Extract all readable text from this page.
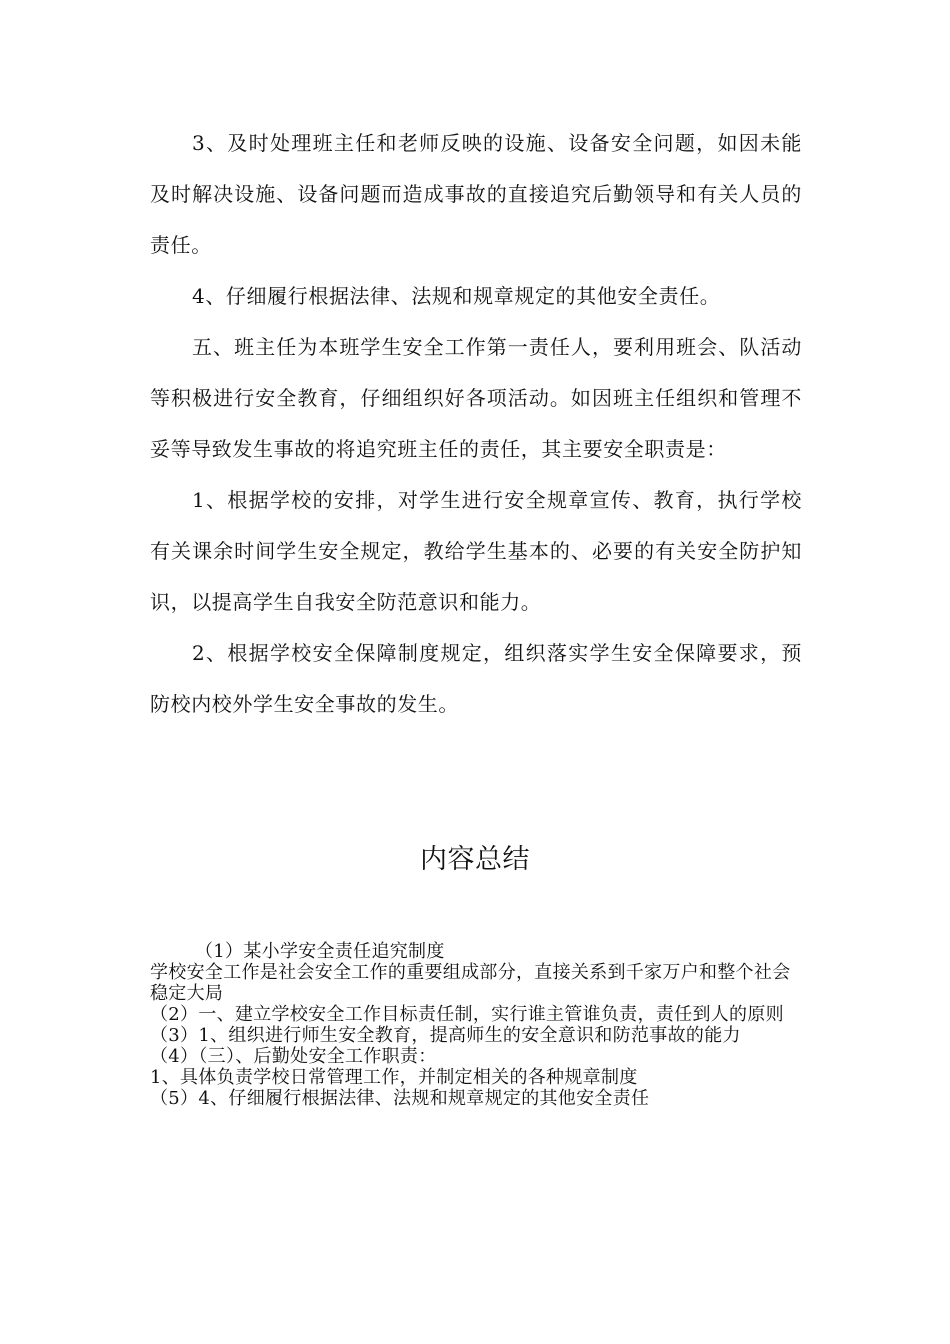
3、及时处理班主任和老师反映的设施、设备安全问题，如因未能及时解决设施、设备问题而造成事故的直接追究后勤领导和有关人员的责任。

4、仔细履行根据法律、法规和规章规定的其他安全责任。

五、班主任为本班学生安全工作第一责任人，要利用班会、队活动等积极进行安全教育，仔细组织好各项活动。如因班主任组织和管理不妥等导致发生事故的将追究班主任的责任，其主要安全职责是：

1、根据学校的安排，对学生进行安全规章宣传、教育，执行学校有关课余时间学生安全规定，教给学生基本的、必要的有关安全防护知识，以提高学生自我安全防范意识和能力。

2、根据学校安全保障制度规定，组织落实学生安全保障要求，预防校内校外学生安全事故的发生。

内容总结

（1）某小学安全责任追究制度

学校安全工作是社会安全工作的重要组成部分，直接关系到千家万户和整个社会稳定大局

（2）一、建立学校安全工作目标责任制，实行谁主管谁负责，责任到人的原则

（3）1、组织进行师生安全教育，提高师生的安全意识和防范事故的能力

（4）（三）、后勤处安全工作职责：

1、具体负责学校日常管理工作，并制定相关的各种规章制度

（5）4、仔细履行根据法律、法规和规章规定的其他安全责任
